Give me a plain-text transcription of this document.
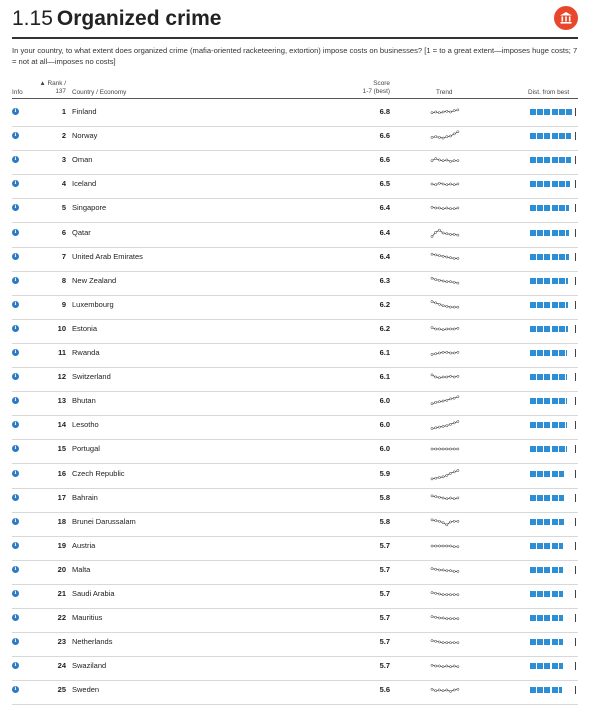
1.15 Organized crime
In your country, to what extent does organized crime (mafia-oriented racketeering, extortion) impose costs on businesses? [1 = to a great extent—imposes huge costs; 7 = not at all—imposes no costs]
Info
▲ Rank /
137 Country / Economy
Score
1-7 (best)	Trend	Dist. from best
i	1 Finland	6.8
i	2 Norway	6.6
i	3 Oman	6.6
i	4 Iceland	6.5
i	5 Singapore	6.4
i	6 Qatar	6.4
i	7 United Arab Emirates	6.4
i	8 New Zealand	6.3
i	9 Luxembourg	6.2
i	10 Estonia	6.2
i	11 Rwanda	6.1
i	12 Switzerland	6.1
i	13 Bhutan	6.0
i	14 Lesotho	6.0
i	15 Portugal	6.0
i	16 Czech Republic	5.9
i	17 Bahrain	5.8
i	18 Brunei Darussalam	5.8
i	19 Austria	5.7
i	20 Malta	5.7
i	21 Saudi Arabia	5.7
i	22 Mauritius	5.7
i	23 Netherlands	5.7
i	24 Swaziland	5.7
i	25 Sweden	5.6
